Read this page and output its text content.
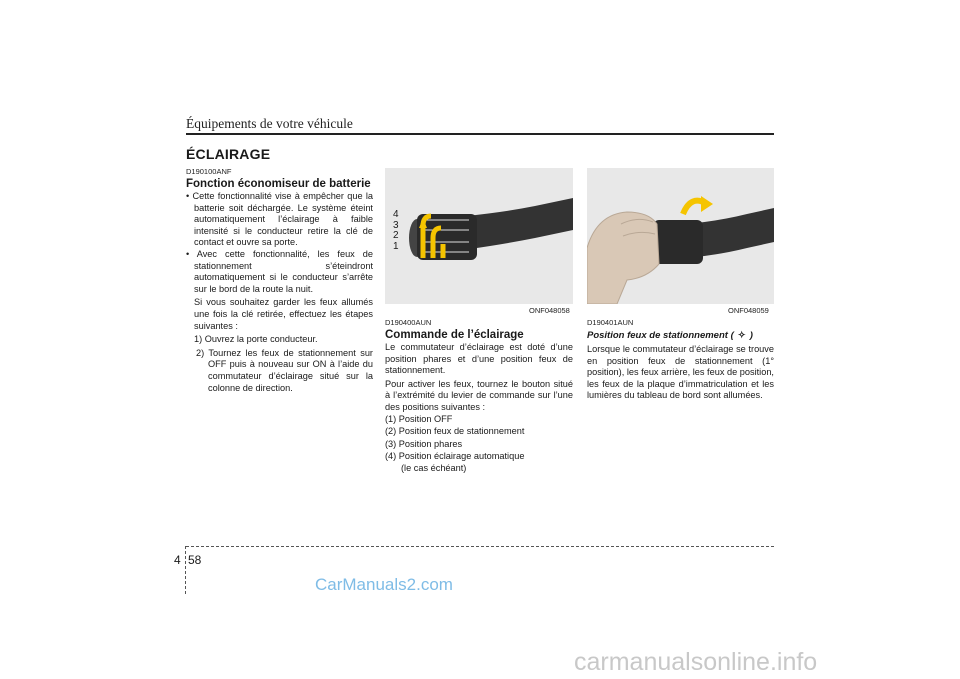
Équipements de votre véhicule
ÉCLAIRAGE
D190100ANF
Fonction économiseur de batterie
• Cette fonctionnalité vise à empêcher que la batterie soit déchargée. Le système éteint automatiquement l’éclairage à faible intensité si le conducteur retire la clé de contact et ouvre sa porte.
• Avec cette fonctionnalité, les feux de stationnement s’éteindront automatiquement si le conducteur s’arrête sur le bord de la route la nuit.

Si vous souhaitez garder les feux allumés une fois la clé retirée, effectuez les étapes suivantes :

1) Ouvrez la porte conducteur.

2) Tournez les feux de stationnement sur OFF puis à nouveau sur ON à l’aide du commutateur d’éclairage situé sur la colonne de direction.

4
3
2
1
ONF048058
D190400AUN
Commande de l’éclairage

Le commutateur d’éclairage est doté d’une position phares et d’une position feux de stationnement.

Pour activer les feux, tournez le bouton situé à l’extrémité du levier de commande sur l’une des positions suivantes :

(1) Position OFF
(2) Position feux de stationnement
(3) Position phares
(4) Position éclairage automatique
(le cas échéant)
ONF048059
D190401AUN
Position feux de stationnement ( ✧ )

Lorsque le commutateur d’éclairage se trouve en position feux de stationnement (1° position), les feux arrière, les feux de position, les feux de la plaque d’immatriculation et les lumières du tableau de bord sont allumées.

4 58
CarManuals2.com
carmanualsonline.info
